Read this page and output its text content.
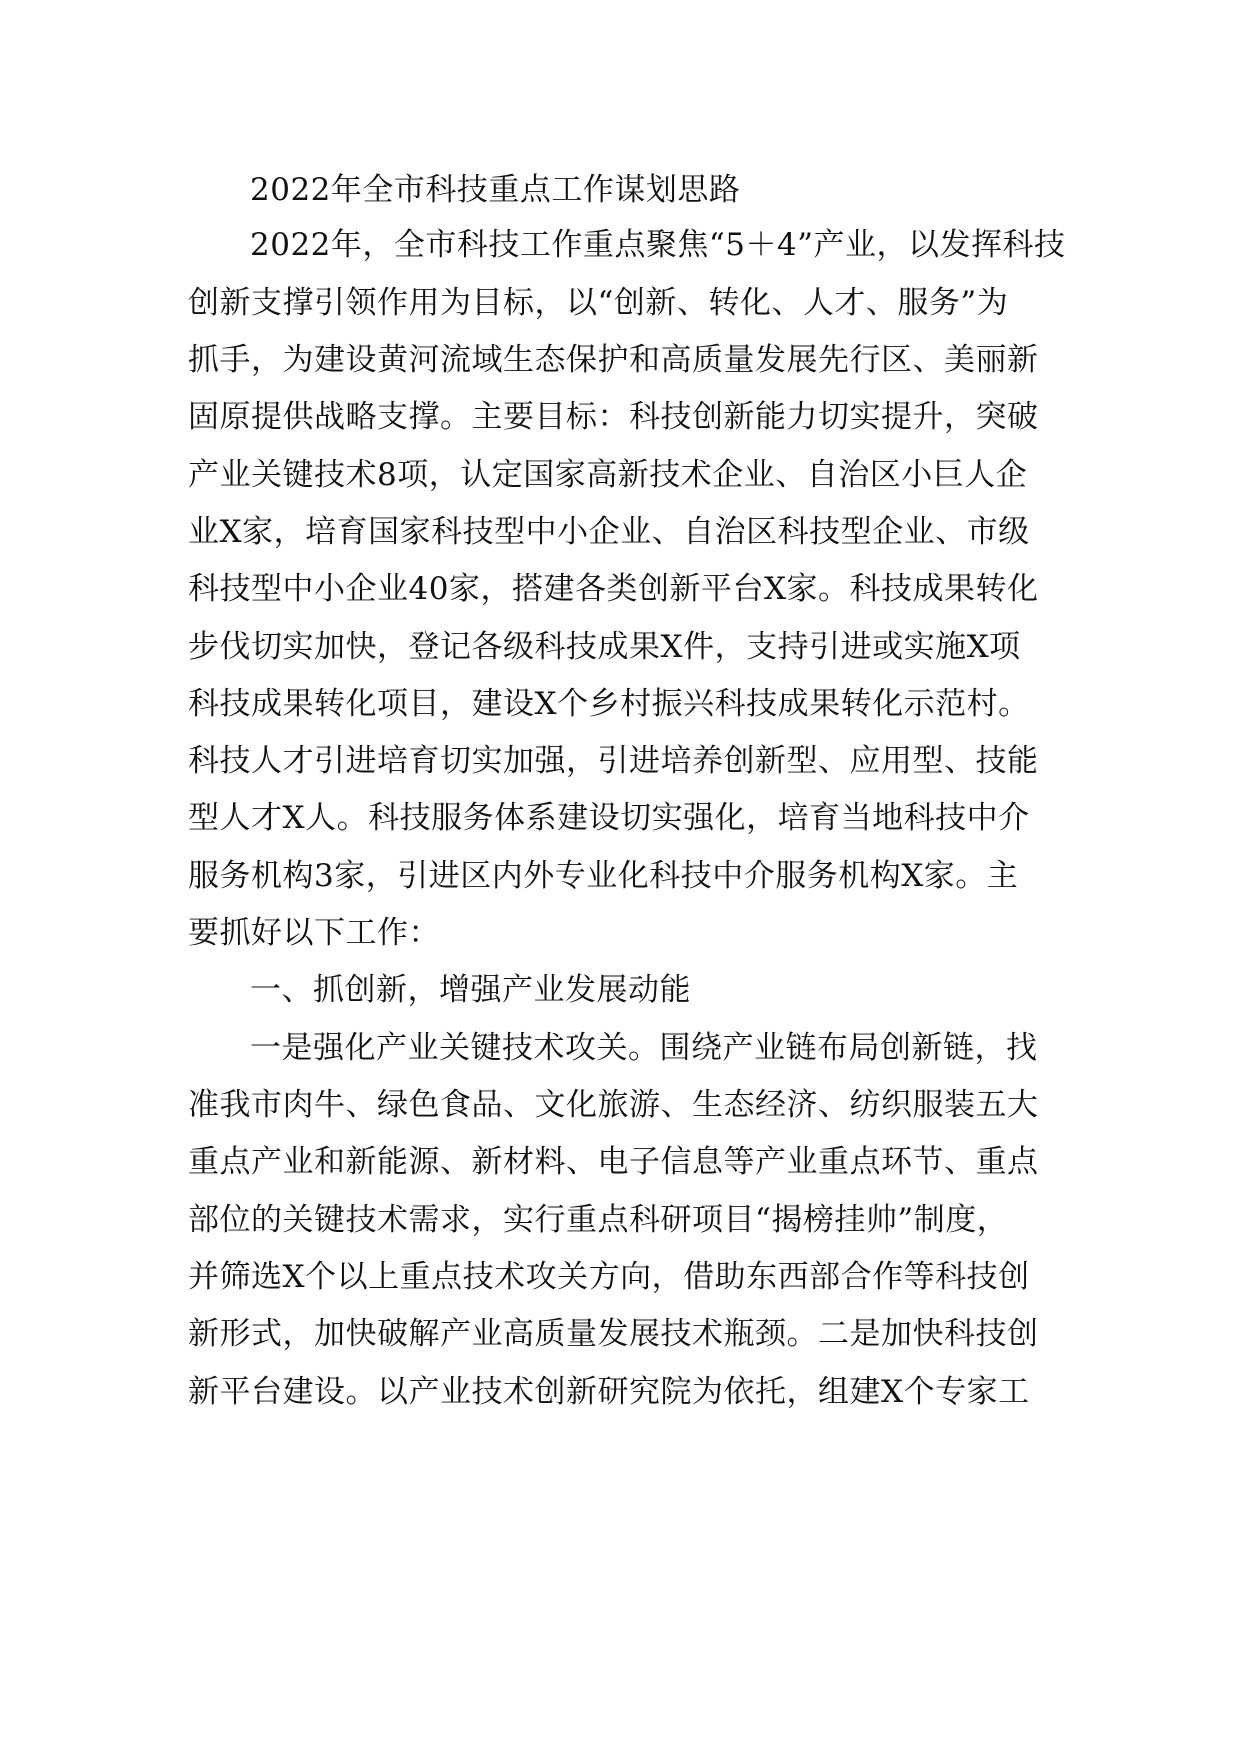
2022年全市科技重点工作谋划思路
2022年，全市科技工作重点聚焦“5＋4”产业，以发挥科技
创新支撑引领作用为目标，以“创新、转化、人才、服务”为
抓手，为建设黄河流域生态保护和高质量发展先行区、美丽新
固原提供战略支撑。主要目标：科技创新能力切实提升，突破
产业关键技术8项，认定国家高新技术企业、自治区小巨人企
业X家，培育国家科技型中小企业、自治区科技型企业、市级
科技型中小企业40家，搭建各类创新平台X家。科技成果转化
步伐切实加快，登记各级科技成果X件，支持引进或实施X项
科技成果转化项目，建设X个乡村振兴科技成果转化示范村。
科技人才引进培育切实加强，引进培养创新型、应用型、技能
型人才X人。科技服务体系建设切实强化，培育当地科技中介
服务机构3家，引进区内外专业化科技中介服务机构X家。主
要抓好以下工作：
一、抓创新，增强产业发展动能
一是强化产业关键技术攻关。围绕产业链布局创新链，找
准我市肉牛、绿色食品、文化旅游、生态经济、纺织服装五大
重点产业和新能源、新材料、电子信息等产业重点环节、重点
部位的关键技术需求，实行重点科研项目“揭榜挂帅”制度，
并筛选X个以上重点技术攻关方向，借助东西部合作等科技创
新形式，加快破解产业高质量发展技术瓶颈。二是加快科技创
新平台建设。以产业技术创新研究院为依托，组建X个专家工
